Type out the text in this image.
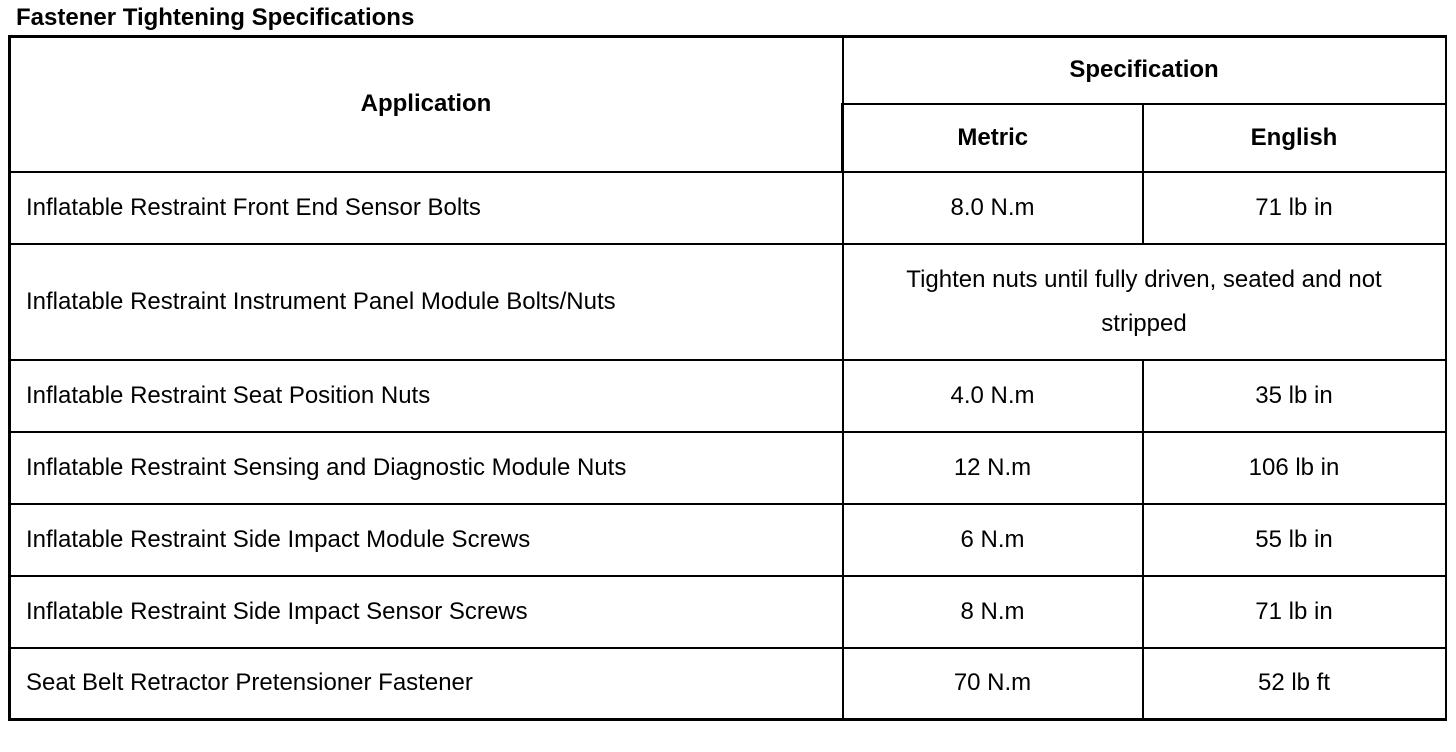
Fastener Tightening Specifications
Application	Specification	
	Metric	English
Inflatable Restraint Front End Sensor Bolts	8.0 N.m	71 lb in
Inflatable Restraint Instrument Panel Module Bolts/Nuts	Tighten nuts until fully driven, seated and not stripped	
Inflatable Restraint Seat Position Nuts	4.0 N.m	35 lb in
Inflatable Restraint Sensing and Diagnostic Module Nuts	12 N.m	106 lb in
Inflatable Restraint Side Impact Module Screws	6 N.m	55 lb in
Inflatable Restraint Side Impact Sensor Screws	8 N.m	71 lb in
Seat Belt Retractor Pretensioner Fastener	70 N.m	52 lb ft
